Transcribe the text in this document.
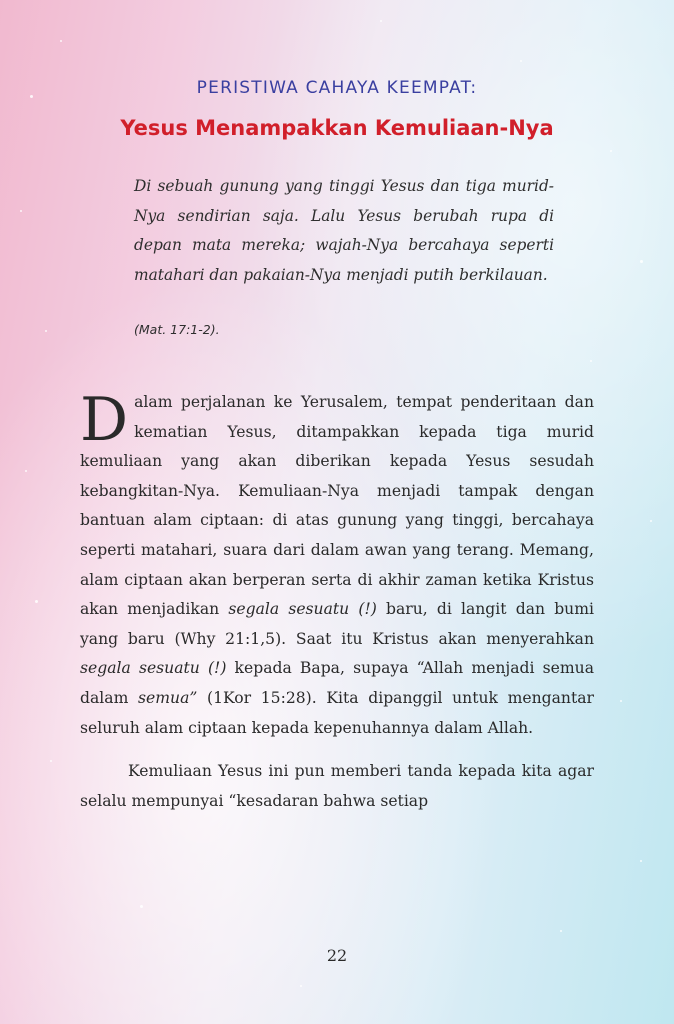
PERISTIWA CAHAYA KEEMPAT:
Yesus Menampakkan Kemuliaan-Nya
Di sebuah gunung yang tinggi Yesus dan tiga murid-Nya sendirian saja. Lalu Yesus berubah rupa di depan mata mereka; wajah-Nya bercahaya seperti matahari dan pakaian-Nya menjadi putih berkilauan.
(Mat. 17:1-2).

Dalam perjalanan ke Yerusalem, tempat penderitaan dan kematian Yesus, ditampakkan kepada tiga murid kemuliaan yang akan diberikan kepada Yesus sesudah kebangkitan-Nya. Kemuliaan-Nya menjadi tampak dengan bantuan alam ciptaan: di atas gunung yang tinggi, bercahaya seperti matahari, suara dari dalam awan yang terang. Memang, alam ciptaan akan berperan serta di akhir zaman ketika Kristus akan menjadikan segala sesuatu (!) baru, di langit dan bumi yang baru (Why 21:1,5). Saat itu Kristus akan menyerahkan segala sesuatu (!) kepada Bapa, supaya “Allah menjadi semua dalam semua” (1Kor 15:28). Kita dipanggil untuk mengantar seluruh alam ciptaan kepada kepenuhannya dalam Allah.

Kemuliaan Yesus ini pun memberi tanda kepada kita agar selalu mempunyai “kesadaran bahwa setiap

22
